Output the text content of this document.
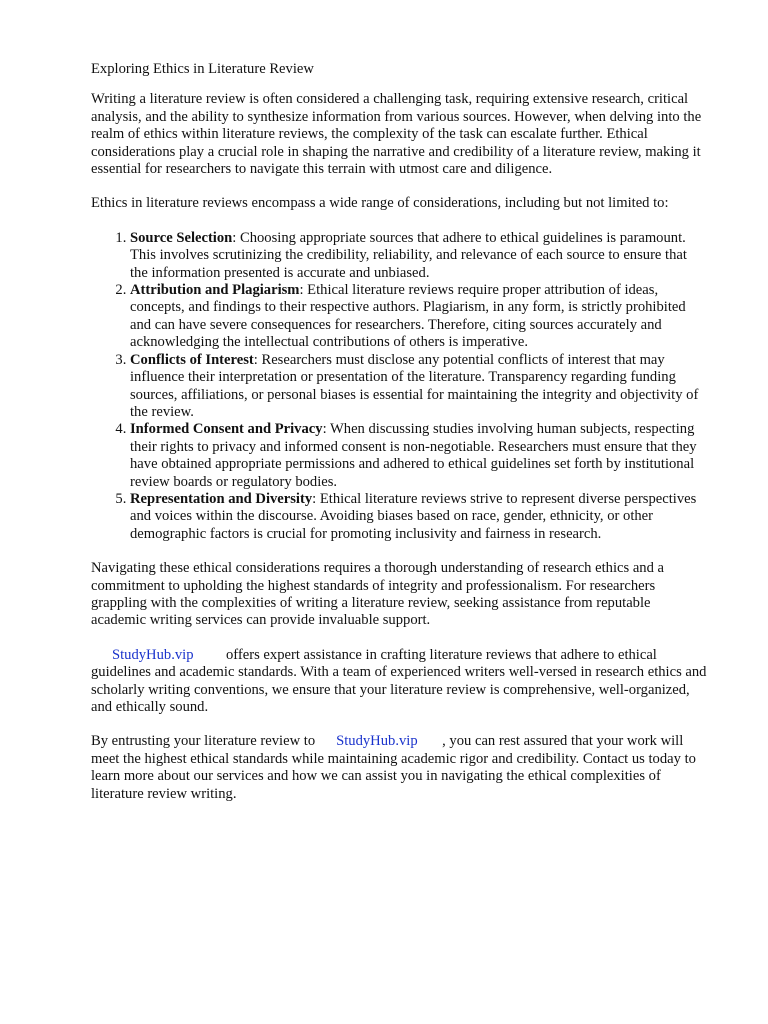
Exploring Ethics in Literature Review

Writing a literature review is often considered a challenging task, requiring extensive research, critical analysis, and the ability to synthesize information from various sources. However, when delving into the realm of ethics within literature reviews, the complexity of the task can escalate further. Ethical considerations play a crucial role in shaping the narrative and credibility of a literature review, making it essential for researchers to navigate this terrain with utmost care and diligence.

Ethics in literature reviews encompass a wide range of considerations, including but not limited to:

1. Source Selection: Choosing appropriate sources that adhere to ethical guidelines is paramount. This involves scrutinizing the credibility, reliability, and relevance of each source to ensure that the information presented is accurate and unbiased.
2. Attribution and Plagiarism: Ethical literature reviews require proper attribution of ideas, concepts, and findings to their respective authors. Plagiarism, in any form, is strictly prohibited and can have severe consequences for researchers. Therefore, citing sources accurately and acknowledging the intellectual contributions of others is imperative.
3. Conflicts of Interest: Researchers must disclose any potential conflicts of interest that may influence their interpretation or presentation of the literature. Transparency regarding funding sources, affiliations, or personal biases is essential for maintaining the integrity and objectivity of the review.
4. Informed Consent and Privacy: When discussing studies involving human subjects, respecting their rights to privacy and informed consent is non-negotiable. Researchers must ensure that they have obtained appropriate permissions and adhered to ethical guidelines set forth by institutional review boards or regulatory bodies.
5. Representation and Diversity: Ethical literature reviews strive to represent diverse perspectives and voices within the discourse. Avoiding biases based on race, gender, ethnicity, or other demographic factors is crucial for promoting inclusivity and fairness in research.

Navigating these ethical considerations requires a thorough understanding of research ethics and a commitment to upholding the highest standards of integrity and professionalism. For researchers grappling with the complexities of writing a literature review, seeking assistance from reputable academic writing services can provide invaluable support.

StudyHub.vip offers expert assistance in crafting literature reviews that adhere to ethical guidelines and academic standards. With a team of experienced writers well-versed in research ethics and scholarly writing conventions, we ensure that your literature review is comprehensive, well-organized, and ethically sound.

By entrusting your literature review to StudyHub.vip , you can rest assured that your work will meet the highest ethical standards while maintaining academic rigor and credibility. Contact us today to learn more about our services and how we can assist you in navigating the ethical complexities of literature review writing.
